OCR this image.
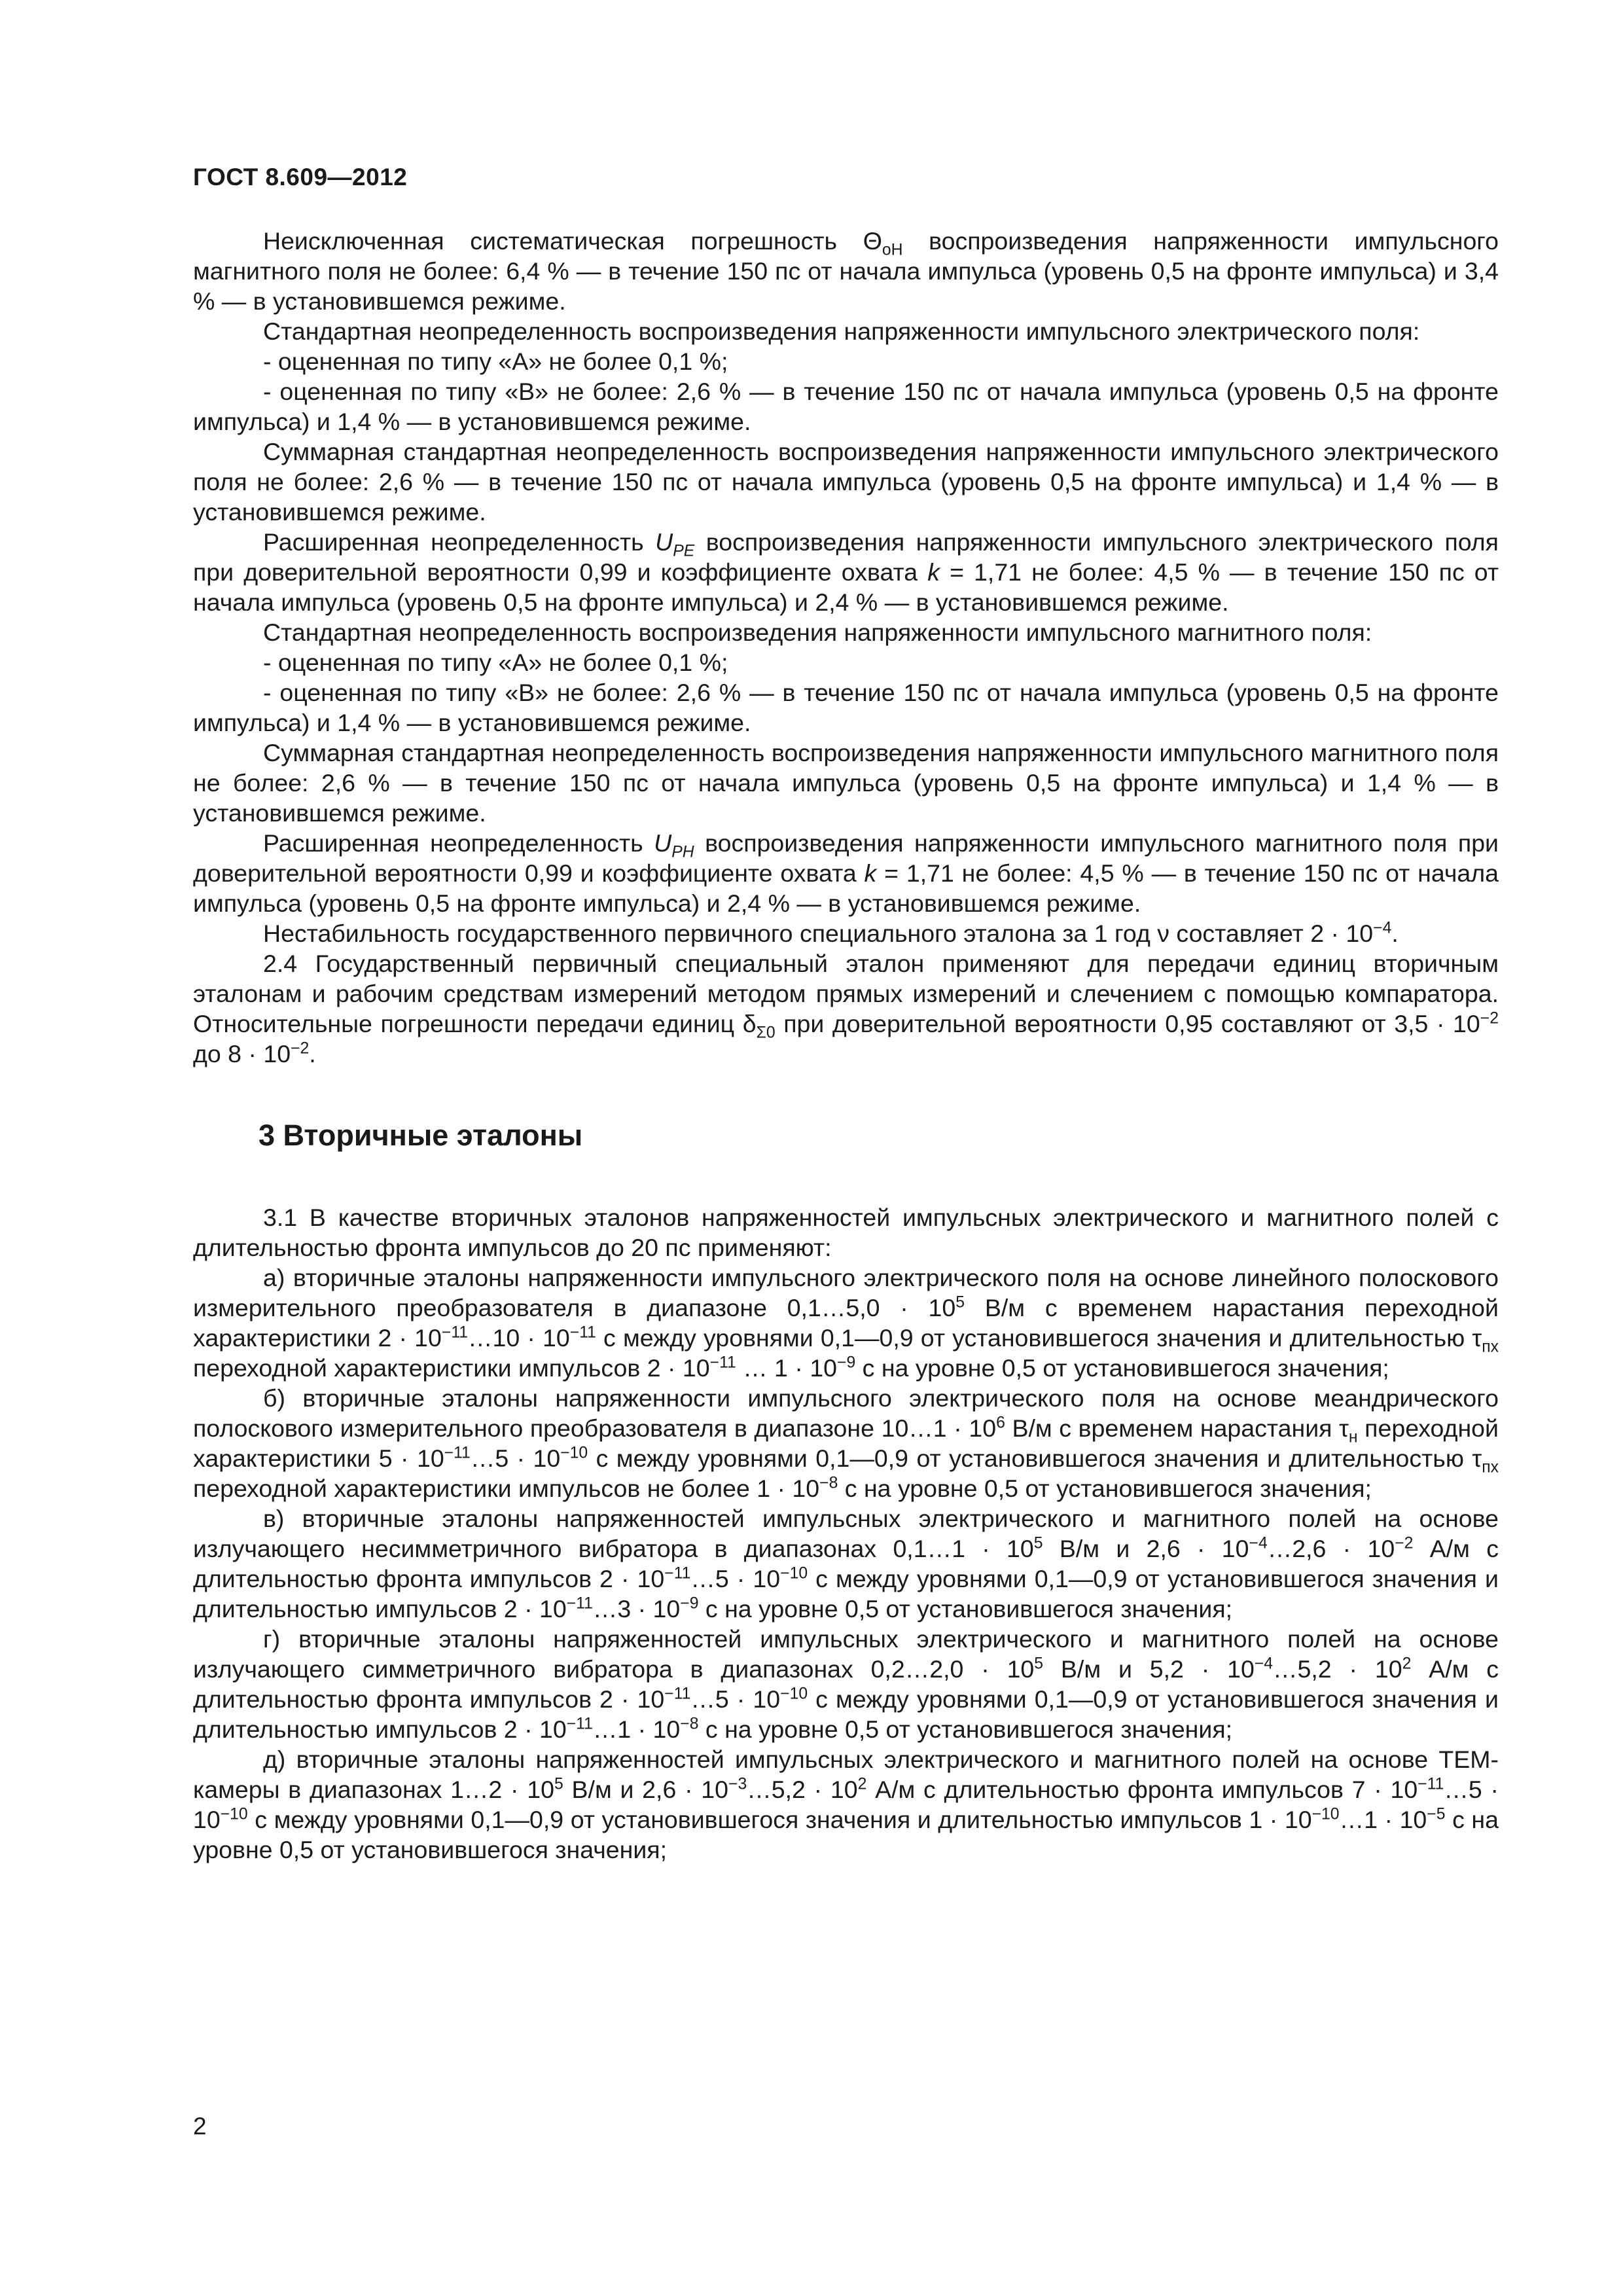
ГОСТ 8.609—2012

Неисключенная систематическая погрешность $\Theta_{oH}$ воспроизведения напряженности импульсного магнитного поля не более: 6,4 % — в течение 150 пс от начала импульса (уровень 0,5 на фронте импульса) и 3,4 % — в установившемся режиме.

Стандартная неопределенность воспроизведения напряженности импульсного электрического поля:

- оцененная по типу «А» не более 0,1 %;

- оцененная по типу «В» не более: 2,6 % — в течение 150 пс от начала импульса (уровень 0,5 на фронте импульса) и 1,4 % — в установившемся режиме.

Суммарная стандартная неопределенность воспроизведения напряженности импульсного электрического поля не более: 2,6 % — в течение 150 пс от начала импульса (уровень 0,5 на фронте импульса) и 1,4 % — в установившемся режиме.

Расширенная неопределенность $U_{PE}$ воспроизведения напряженности импульсного электрического поля при доверительной вероятности 0,99 и коэффициенте охвата k = 1,71 не более: 4,5 % — в течение 150 пс от начала импульса (уровень 0,5 на фронте импульса) и 2,4 % — в установившемся режиме.

Стандартная неопределенность воспроизведения напряженности импульсного магнитного поля:

- оцененная по типу «А» не более 0,1 %;

- оцененная по типу «В» не более: 2,6 % — в течение 150 пс от начала импульса (уровень 0,5 на фронте импульса) и 1,4 % — в установившемся режиме.

Суммарная стандартная неопределенность воспроизведения напряженности импульсного магнитного поля не более: 2,6 % — в течение 150 пс от начала импульса (уровень 0,5 на фронте импульса) и 1,4 % — в установившемся режиме.

Расширенная неопределенность $U_{PH}$ воспроизведения напряженности импульсного магнитного поля при доверительной вероятности 0,99 и коэффициенте охвата k = 1,71 не более: 4,5 % — в течение 150 пс от начала импульса (уровень 0,5 на фронте импульса) и 2,4 % — в установившемся режиме.

Нестабильность государственного первичного специального эталона за 1 год ν составляет $2 \cdot 10^{-4}$.

2.4 Государственный первичный специальный эталон применяют для передачи единиц вторичным эталонам и рабочим средствам измерений методом прямых измерений и слечением с помощью компаратора. Относительные погрешности передачи единиц $\delta_{\Sigma 0}$ при доверительной вероятности 0,95 составляют от $3,5 \cdot 10^{-2}$ до $8 \cdot 10^{-2}$.

3 Вторичные эталоны

3.1 В качестве вторичных эталонов напряженностей импульсных электрического и магнитного полей с длительностью фронта импульсов до 20 пс применяют:

а) вторичные эталоны напряженности импульсного электрического поля на основе линейного полоскового измерительного преобразователя в диапазоне 0,1…5,0 · $10^5$ В/м с временем нарастания переходной характеристики $2 \cdot 10^{-11}\dots 10 \cdot 10^{-11}$ с между уровнями 0,1—0,9 от установившегося значения и длительностью $\tau_{пх}$ переходной характеристики импульсов $2 \cdot 10^{-11}$ … $1 \cdot 10^{-9}$ с на уровне 0,5 от установившегося значения;

б) вторичные эталоны напряженности импульсного электрического поля на основе меандрического полоскового измерительного преобразователя в диапазоне 10…1 · $10^6$ В/м с временем нарастания $\tau_н$ переходной характеристики $5 \cdot 10^{-11}\dots 5 \cdot 10^{-10}$ с между уровнями 0,1—0,9 от установившегося значения и длительностью $\tau_{пх}$ переходной характеристики импульсов не более $1 \cdot 10^{-8}$ с на уровне 0,5 от установившегося значения;

в) вторичные эталоны напряженностей импульсных электрического и магнитного полей на основе излучающего несимметричного вибратора в диапазонах 0,1…1 · $10^5$ В/м и $2,6 \cdot 10^{-4}\dots 2,6 \cdot 10^{-2}$ А/м с длительностью фронта импульсов $2 \cdot 10^{-11}\dots 5 \cdot 10^{-10}$ с между уровнями 0,1—0,9 от установившегося значения и длительностью импульсов $2 \cdot 10^{-11}\dots 3 \cdot 10^{-9}$ с на уровне 0,5 от установившегося значения;

г) вторичные эталоны напряженностей импульсных электрического и магнитного полей на основе излучающего симметричного вибратора в диапазонах 0,2…2,0 · $10^5$ В/м и $5,2 \cdot 10^{-4}\dots 5,2 \cdot 10^2$ А/м с длительностью фронта импульсов $2 \cdot 10^{-11}\dots 5 \cdot 10^{-10}$ с между уровнями 0,1—0,9 от установившегося значения и длительностью импульсов $2 \cdot 10^{-11}\dots 1 \cdot 10^{-8}$ с на уровне 0,5 от установившегося значения;

д) вторичные эталоны напряженностей импульсных электрического и магнитного полей на основе ТЕМ-камеры в диапазонах 1…2 · $10^5$ В/м и $2,6 \cdot 10^{-3}\dots 5,2 \cdot 10^2$ А/м с длительностью фронта импульсов $7 \cdot 10^{-11}\dots 5 \cdot 10^{-10}$ с между уровнями 0,1—0,9 от установившегося значения и длительностью импульсов $1 \cdot 10^{-10}\dots 1 \cdot 10^{-5}$ с на уровне 0,5 от установившегося значения;

2
